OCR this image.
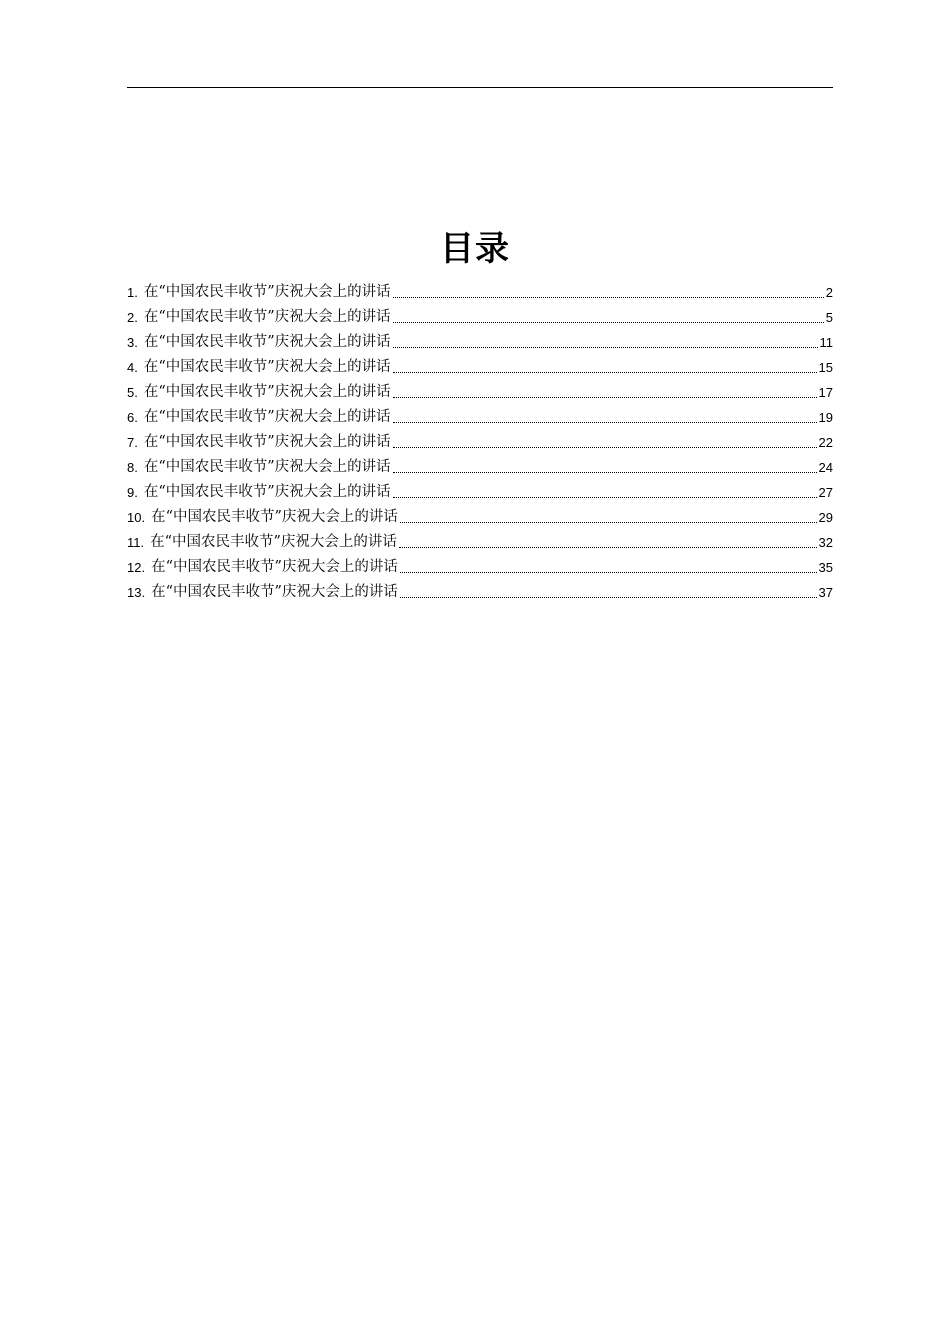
目录
1. 在“中国农民丰收节”庆祝大会上的讲话	2
2. 在“中国农民丰收节”庆祝大会上的讲话	5
3. 在“中国农民丰收节”庆祝大会上的讲话	11
4. 在“中国农民丰收节”庆祝大会上的讲话	15
5. 在“中国农民丰收节”庆祝大会上的讲话	17
6. 在“中国农民丰收节”庆祝大会上的讲话	19
7. 在“中国农民丰收节”庆祝大会上的讲话	22
8. 在“中国农民丰收节”庆祝大会上的讲话	24
9. 在“中国农民丰收节”庆祝大会上的讲话	27
10. 在“中国农民丰收节”庆祝大会上的讲话	29
11. 在“中国农民丰收节”庆祝大会上的讲话	32
12. 在“中国农民丰收节”庆祝大会上的讲话	35
13. 在“中国农民丰收节”庆祝大会上的讲话	37
